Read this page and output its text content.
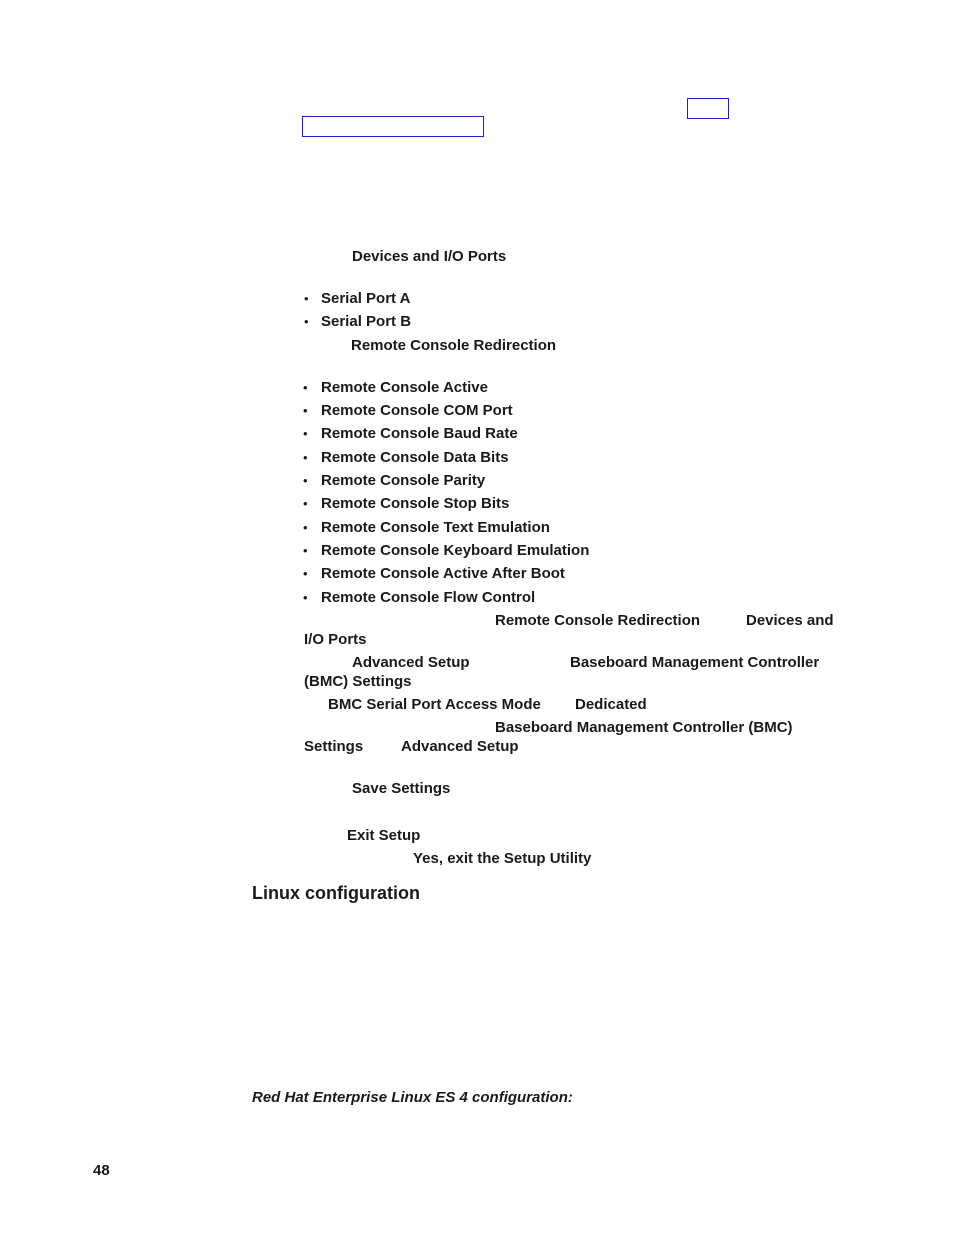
Devices and I/O Ports
• Serial Port A
• Serial Port B
Remote Console Redirection
• Remote Console Active
• Remote Console COM Port
• Remote Console Baud Rate
• Remote Console Data Bits
• Remote Console Parity
• Remote Console Stop Bits
• Remote Console Text Emulation
• Remote Console Keyboard Emulation
• Remote Console Active After Boot
• Remote Console Flow Control
Remote Console Redirection	Devices and
I/O Ports
Advanced Setup	Baseboard Management Controller
(BMC) Settings
BMC Serial Port Access Mode Dedicated
Baseboard Management Controller (BMC)
Settings	Advanced Setup
Save Settings
Exit Setup
Yes, exit the Setup Utility
Linux configuration
Red Hat Enterprise Linux ES 4 configuration:
48
